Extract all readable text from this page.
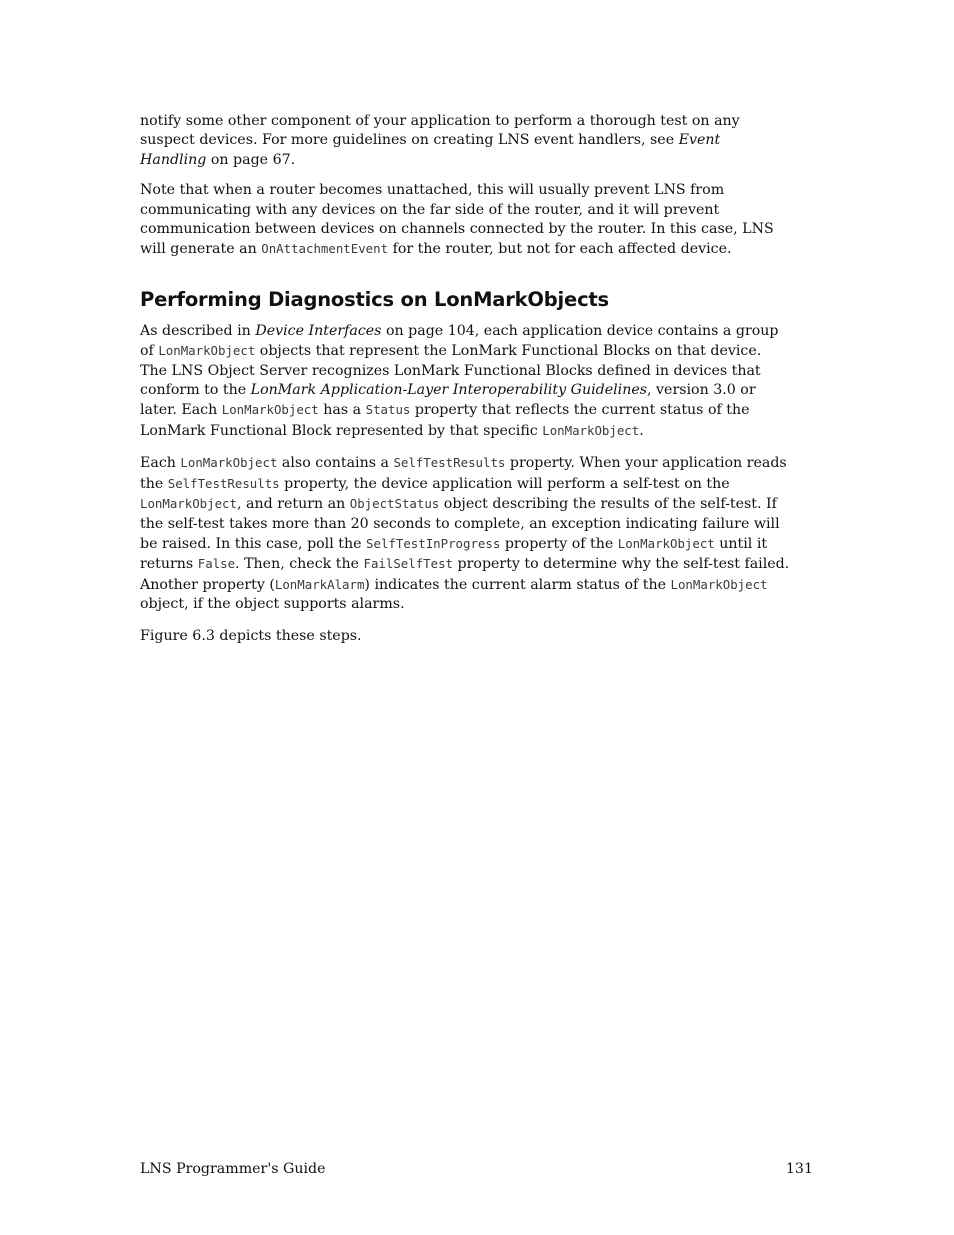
notify some other component of your application to perform a thorough test on any suspect devices. For more guidelines on creating LNS event handlers, see Event Handling on page 67.

Note that when a router becomes unattached, this will usually prevent LNS from communicating with any devices on the far side of the router, and it will prevent communication between devices on channels connected by the router. In this case, LNS will generate an OnAttachmentEvent for the router, but not for each affected device.

Performing Diagnostics on LonMarkObjects

As described in Device Interfaces on page 104, each application device contains a group of LonMarkObject objects that represent the LonMark Functional Blocks on that device. The LNS Object Server recognizes LonMark Functional Blocks defined in devices that conform to the LonMark Application-Layer Interoperability Guidelines, version 3.0 or later. Each LonMarkObject has a Status property that reflects the current status of the LonMark Functional Block represented by that specific LonMarkObject.

Each LonMarkObject also contains a SelfTestResults property. When your application reads the SelfTestResults property, the device application will perform a self-test on the LonMarkObject, and return an ObjectStatus object describing the results of the self-test. If the self-test takes more than 20 seconds to complete, an exception indicating failure will be raised. In this case, poll the SelfTestInProgress property of the LonMarkObject until it returns False. Then, check the FailSelfTest property to determine why the self-test failed. Another property (LonMarkAlarm) indicates the current alarm status of the LonMarkObject object, if the object supports alarms.

Figure 6.3 depicts these steps.

LNS Programmer's Guide	131
